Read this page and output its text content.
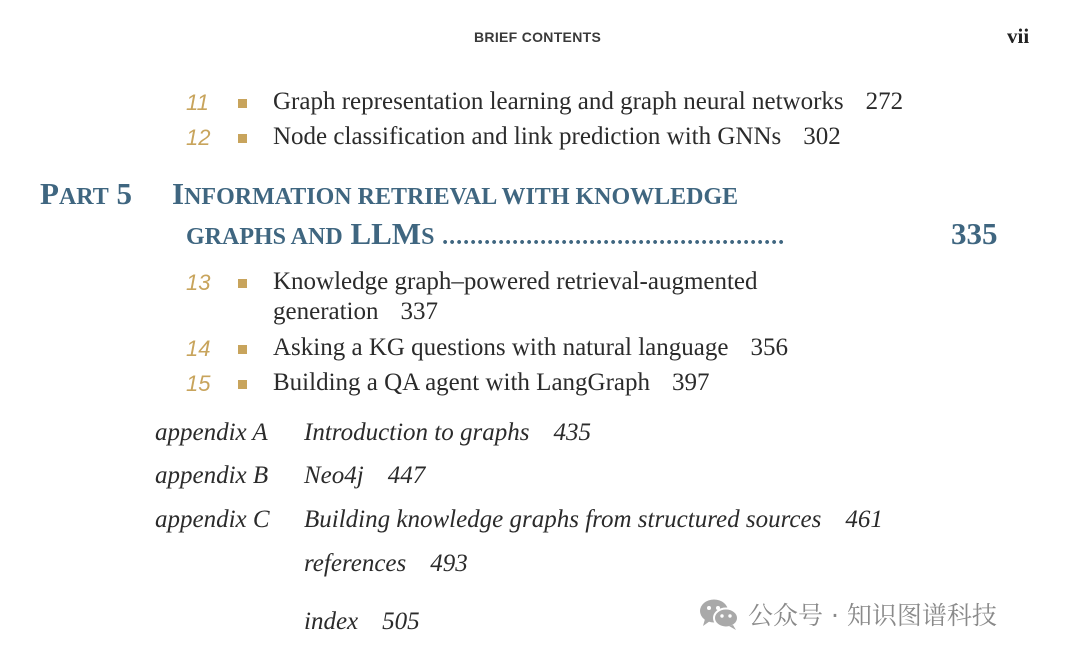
BRIEF CONTENTS	vii
11	Graph representation learning and graph neural networks 272
12	Node classification and link prediction with GNNs 302
PART 5 INFORMATION RETRIEVAL WITH KNOWLEDGE
GRAPHS AND LLMS .................................................	335
13	Knowledge graph–powered retrieval-augmented
generation 337
14	Asking a KG questions with natural language 356
15	Building a QA agent with LangGraph 397
appendix A Introduction to graphs 435
appendix B Neo4j 447
appendix C Building knowledge graphs from structured sources 461
references 493
index 505	公众号 · 知识图谱科技
